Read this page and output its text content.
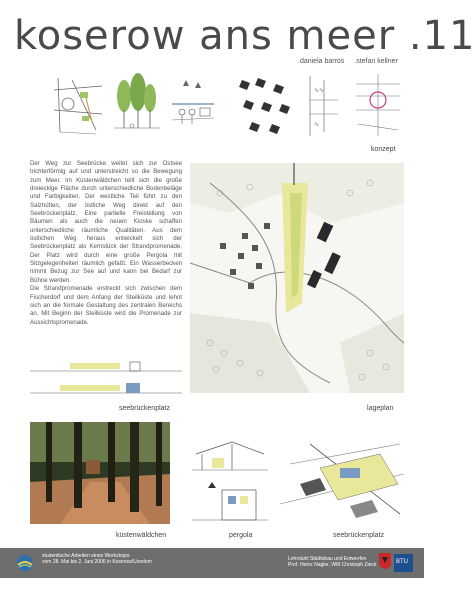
koserow ans meer .11
.daniela barros .stefan kellner
∿∿
∿
konzept

Der Weg zur Seebrücke weitet sich zur Ostsee trichterförmig auf und unterstreicht so die Bewegung zum Meer. Im Küstenwäldchen teilt sich die große dreieckige Fläche durch unterschiedliche Bodenbeläge und Farbigkeiten. Der westliche Teil führt zu den Salzhütten, der östliche Weg direkt auf den Seebrückenplatz. Eine partielle Freistellung von Bäumen als auch die neuen Kioske schaffen unterschiedliche räumliche Qualitäten. Aus dem östlichen Weg heraus entwickelt sich der Seebrückenplatz als Kernstück der Strandpromenade. Der Platz wird durch eine große Pergola mit Sitzgelegenheiten räumlich gefaßt. Ein Wasserbecken nimmt Bezug zur See auf und kann bei Bedarf zur Bühne werden.

Die Strandpromenade erstreckt sich zwischen dem Fischerdorf und dem Anfang der Steilküste und lehnt sich an die formale Gestaltung des zentralen Bereichs an. Mit Beginn der Steilküste wird die Promenade zur Aussichtspromenade.

seebrückenplatz	lageplan
küstenwäldchen	pergola	seebrückenplatz
studentische Arbeiten eines Workshops
vom 28. Mai bis 2. Juni 2006 in Koserow/Usedom
Lehrstuhl Städtebau und Entwerfen
Prof. Heinz Nagler, WM Christoph Zieck
BTU
